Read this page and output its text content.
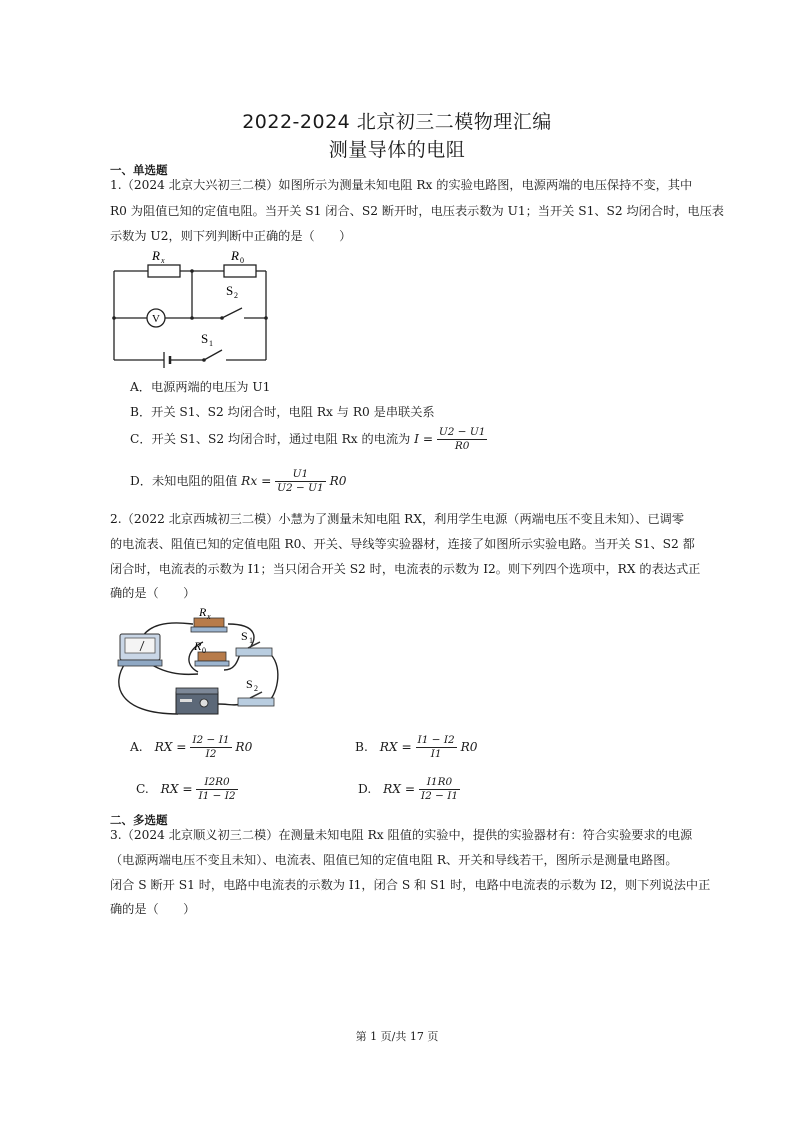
2022-2024 北京初三二模物理汇编
测量导体的电阻
一、单选题
1.（2024 北京大兴初三二模）如图所示为测量未知电阻 Rx 的实验电路图，电源两端的电压保持不变，其中
R0 为阻值已知的定值电阻。当开关 S1 闭合、S2 断开时，电压表示数为 U1；当开关 S1、S2 均闭合时，电压表
示数为 U2，则下列判断中正确的是（　　）
V
R x	R 0
S 2
S 1
A．电源两端的电压为 U1
B．开关 S1、S2 均闭合时，电阻 Rx 与 R0 是串联关系
C．开关 S1、S2 均闭合时，通过电阻 Rx 的电流为 $I = \frac{U2 - U1}{R0}$
D．未知电阻的阻值 $Rx = \frac{U1}{U2 - U1} R0$
2.（2022 北京西城初三二模）小慧为了测量未知电阻 RX，利用学生电源（两端电压不变且未知）、已调零
的电流表、阻值已知的定值电阻 R0、开关、导线等实验器材，连接了如图所示实验电路。当开关 S1、S2 都
闭合时，电流表的示数为 I1；当只闭合开关 S2 时，电流表的示数为 I2。则下列四个选项中，RX 的表达式正
确的是（　　）
R x
R 0
S 1
S 2
A. RX = $\frac{I2 - I1}{I2} R0$	B. RX = $\frac{I1 - I2}{I1} R0$
C. RX = $\frac{I2R0}{I1 - I2}$	D. RX = $\frac{I1R0}{I2 - I1}$
二、多选题
3.（2024 北京顺义初三二模）在测量未知电阻 Rx 阻值的实验中，提供的实验器材有：符合实验要求的电源
（电源两端电压不变且未知）、电流表、阻值已知的定值电阻 R、开关和导线若干，图所示是测量电路图。
闭合 S 断开 S1 时，电路中电流表的示数为 I1，闭合 S 和 S1 时，电路中电流表的示数为 I2，则下列说法中正
确的是（　　）
第 1 页/共 17 页
